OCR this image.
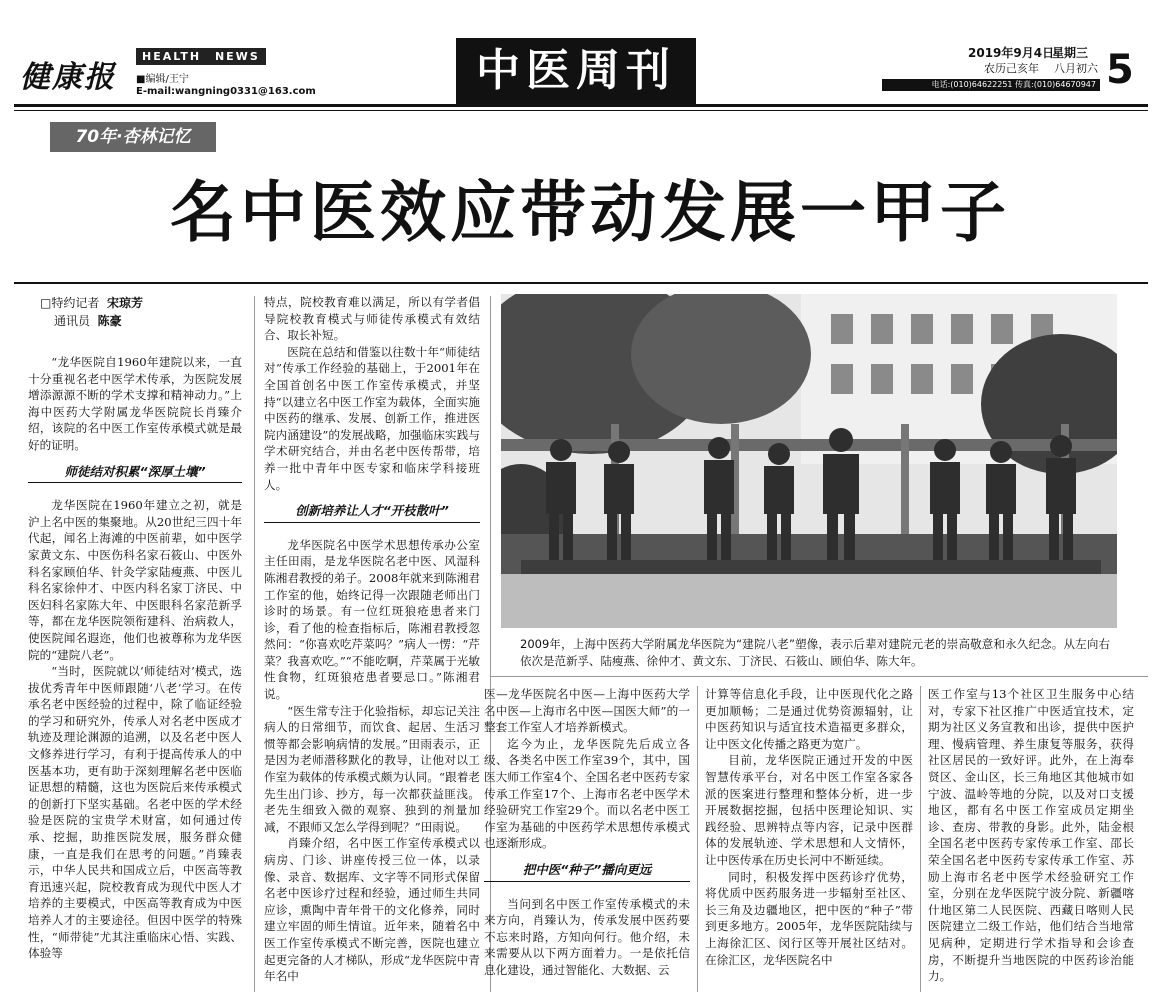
健康报
HEALTH NEWS
■编辑/王宁
E-mail:wangning0331@163.com	中医周刊	2019年9月4日
星期三
农历己亥年 八月初六
电话:(010)64622251 传真:(010)64670947 5
70年·杏林记忆
名中医效应带动发展一甲子
□特约记者 宋琼芳
通讯员 陈豪

“龙华医院自1960年建院以来，一直十分重视名老中医学术传承，为医院发展增添源源不断的学术支撑和精神动力。”上海中医药大学附属龙华医院院长肖臻介绍，该院的名中医工作室传承模式就是最好的证明。

师徒结对积累“深厚土壤”

龙华医院在1960年建立之初，就是沪上名中医的集聚地。从20世纪三四十年代起，闻名上海滩的中医前辈，如中医学家黄文东、中医伤科名家石筱山、中医外科名家顾伯华、针灸学家陆瘦燕、中医儿科名家徐仲才、中医内科名家丁济民、中医妇科名家陈大年、中医眼科名家范新孚等，都在龙华医院领衔建科、治病救人，使医院闻名遐迩，他们也被尊称为龙华医院的“建院八老”。

“当时，医院就以‘师徒结对’模式，选拔优秀青年中医师跟随‘八老’学习。在传承名老中医经验的过程中，除了临证经验的学习和研究外，传承人对名老中医成才轨迹及理论渊源的追溯，以及名老中医人文修养进行学习，有利于提高传承人的中医基本功，更有助于深刻理解名老中医临证思想的精髓，这也为医院后来传承模式的创新打下坚实基础。名老中医的学术经验是医院的宝贵学术财富，如何通过传承、挖掘，助推医院发展，服务群众健康，一直是我们在思考的问题。”肖臻表示，中华人民共和国成立后，中医高等教育迅速兴起，院校教育成为现代中医人才培养的主要模式，中医高等教育成为中医培养人才的主要途径。但因中医学的特殊性，“师带徒”尤其注重临床心悟、实践、体验等

特点，院校教育难以满足，所以有学者倡导院校教育模式与师徒传承模式有效结合、取长补短。

医院在总结和借鉴以往数十年“师徒结对”传承工作经验的基础上，于2001年在全国首创名中医工作室传承模式，并坚持“以建立名中医工作室为载体，全面实施中医药的继承、发展、创新工作，推进医院内涵建设”的发展战略，加强临床实践与学术研究结合，并由名老中医传帮带，培养一批中青年中医专家和临床学科接班人。

创新培养让人才“开枝散叶”

龙华医院名中医学术思想传承办公室主任田雨，是龙华医院名老中医、风湿科陈湘君教授的弟子。2008年就来到陈湘君工作室的他，始终记得一次跟随老师出门诊时的场景。有一位红斑狼疮患者来门诊，看了他的检查指标后，陈湘君教授忽然问：“你喜欢吃芹菜吗？”病人一愣：“芹菜？我喜欢吃。”“不能吃啊，芹菜属于光敏性食物，红斑狼疮患者要忌口。”陈湘君说。

“医生常专注于化验指标，却忘记关注病人的日常细节，而饮食、起居、生活习惯等都会影响病情的发展。”田雨表示，正是因为老师潜移默化的教导，让他对以工作室为载体的传承模式颇为认同。“跟着老先生出门诊、抄方，每一次都获益匪浅。老先生细致入微的观察、独到的剂量加减，不跟师又怎么学得到呢？”田雨说。

肖臻介绍，名中医工作室传承模式以病房、门诊、讲座传授三位一体，以录像、录音、数据库、文字等不同形式保留名老中医诊疗过程和经验，通过师生共同应诊，熏陶中青年骨干的文化修养，同时建立牢固的师生情谊。近年来，随着名中医工作室传承模式不断完善，医院也建立起更完备的人才梯队，形成“龙华医院中青年名中

2009年，上海中医药大学附属龙华医院为“建院八老”塑像，表示后辈对建院元老的崇高敬意和永久纪念。从左向右依次是范新孚、陆瘦燕、徐仲才、黄文东、丁济民、石筱山、顾伯华、陈大年。

医—龙华医院名中医—上海中医药大学名中医—上海市名中医—国医大师”的一整套工作室人才培养新模式。

迄今为止，龙华医院先后成立各级、各类名中医工作室39个，其中，国医大师工作室4个、全国名老中医药专家传承工作室17个、上海市名老中医学术经验研究工作室29个。而以名老中医工作室为基础的中医药学术思想传承模式也逐渐形成。

把中医“种子”播向更远

当问到名中医工作室传承模式的未来方向，肖臻认为，传承发展中医药要不忘来时路，方知向何行。他介绍，未来需要从以下两方面着力。一是依托信息化建设，通过智能化、大数据、云

计算等信息化手段，让中医现代化之路更加顺畅；二是通过优势资源辐射，让中医药知识与适宜技术造福更多群众，让中医文化传播之路更为宽广。

目前，龙华医院正通过开发的中医智慧传承平台，对名中医工作室各家各派的医案进行整理和整体分析，进一步开展数据挖掘，包括中医理论知识、实践经验、思辨特点等内容，记录中医群体的发展轨迹、学术思想和人文情怀，让中医传承在历史长河中不断延续。

同时，积极发挥中医药诊疗优势，将优质中医药服务进一步辐射至社区、长三角及边疆地区，把中医的“种子”带到更多地方。2005年，龙华医院陆续与上海徐汇区、闵行区等开展社区结对。在徐汇区，龙华医院名中

医工作室与13个社区卫生服务中心结对，专家下社区推广中医适宜技术，定期为社区义务宣教和出诊，提供中医护理、慢病管理、养生康复等服务，获得社区居民的一致好评。此外，在上海奉贤区、金山区，长三角地区其他城市如宁波、温岭等地的分院，以及对口支援地区，都有名中医工作室成员定期坐诊、查房、带教的身影。此外，陆金根全国名老中医药专家传承工作室、邵长荣全国名老中医药专家传承工作室、苏励上海市名老中医学术经验研究工作室，分别在龙华医院宁波分院、新疆喀什地区第二人民医院、西藏日喀则人民医院建立二级工作站，他们结合当地常见病种，定期进行学术指导和会诊查房，不断提升当地医院的中医药诊治能力。
